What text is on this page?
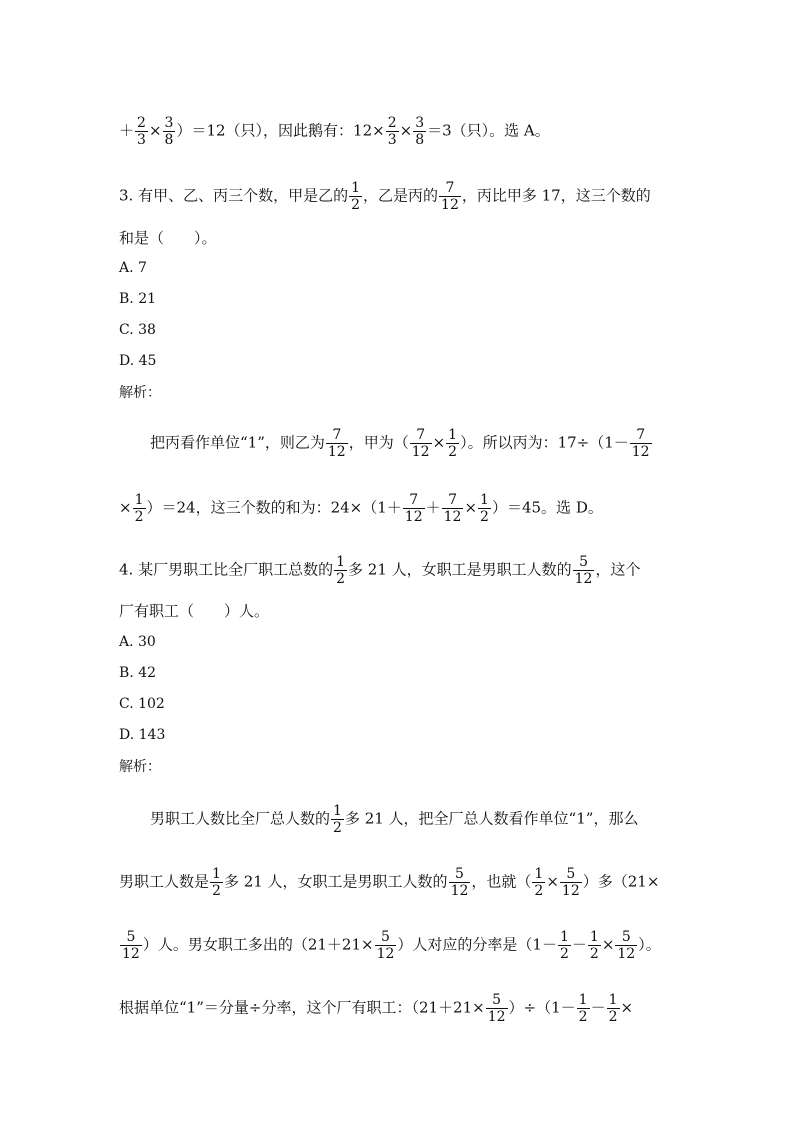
＋ $\frac{2}{3} \times \frac{3}{8} )=12$（只），因此鹅有：$12\times \frac{2}{3} \times \frac{3}{8} =3$（只）。选 A。
3. 有甲、乙、丙三个数，甲是乙的 $\frac{1}{2}$ ，乙是丙的 $\frac{7}{12}$ ，丙比甲多 17，这三个数的
和是（　　）。
A. 7
B. 21
C. 38
D. 45
解析：
把丙看作单位“1”，则乙为 $\frac{7}{12}$ ，甲为（ $\frac{7}{12} \times \frac{1}{2}$ ）。所以丙为：$17\div(1- \frac{7}{12}$
× $\frac{1}{2} )=24$，这三个数的和为：$24\times(1+ \frac{7}{12} + \frac{7}{12} \times \frac{1}{2} )=45$。选 D。
4. 某厂男职工比全厂职工总数的 $\frac{1}{2}$ 多 21 人，女职工是男职工人数的 $\frac{5}{12}$ ，这个
厂有职工（　　）人。
A. 30
B. 42
C. 102
D. 143
解析：
男职工人数比全厂总人数的 $\frac{1}{2}$ 多 21 人，把全厂总人数看作单位“1”，那么
男职工人数是 $\frac{1}{2}$ 多 21 人，女职工是男职工人数的 $\frac{5}{12}$ ，也就（ $\frac{1}{2} \times \frac{5}{12}$ ）多（21×
$\frac{5}{12}$ ）人。男女职工多出的（$21+21\times \frac{5}{12}$ ）人对应的分率是（$1- \frac{1}{2} - \frac{1}{2} \times \frac{5}{12}$ ）。
根据单位“1”＝分量÷分率，这个厂有职工：$(21+21\times \frac{5}{12} )\div(1- \frac{1}{2} - \frac{1}{2}$ ×
